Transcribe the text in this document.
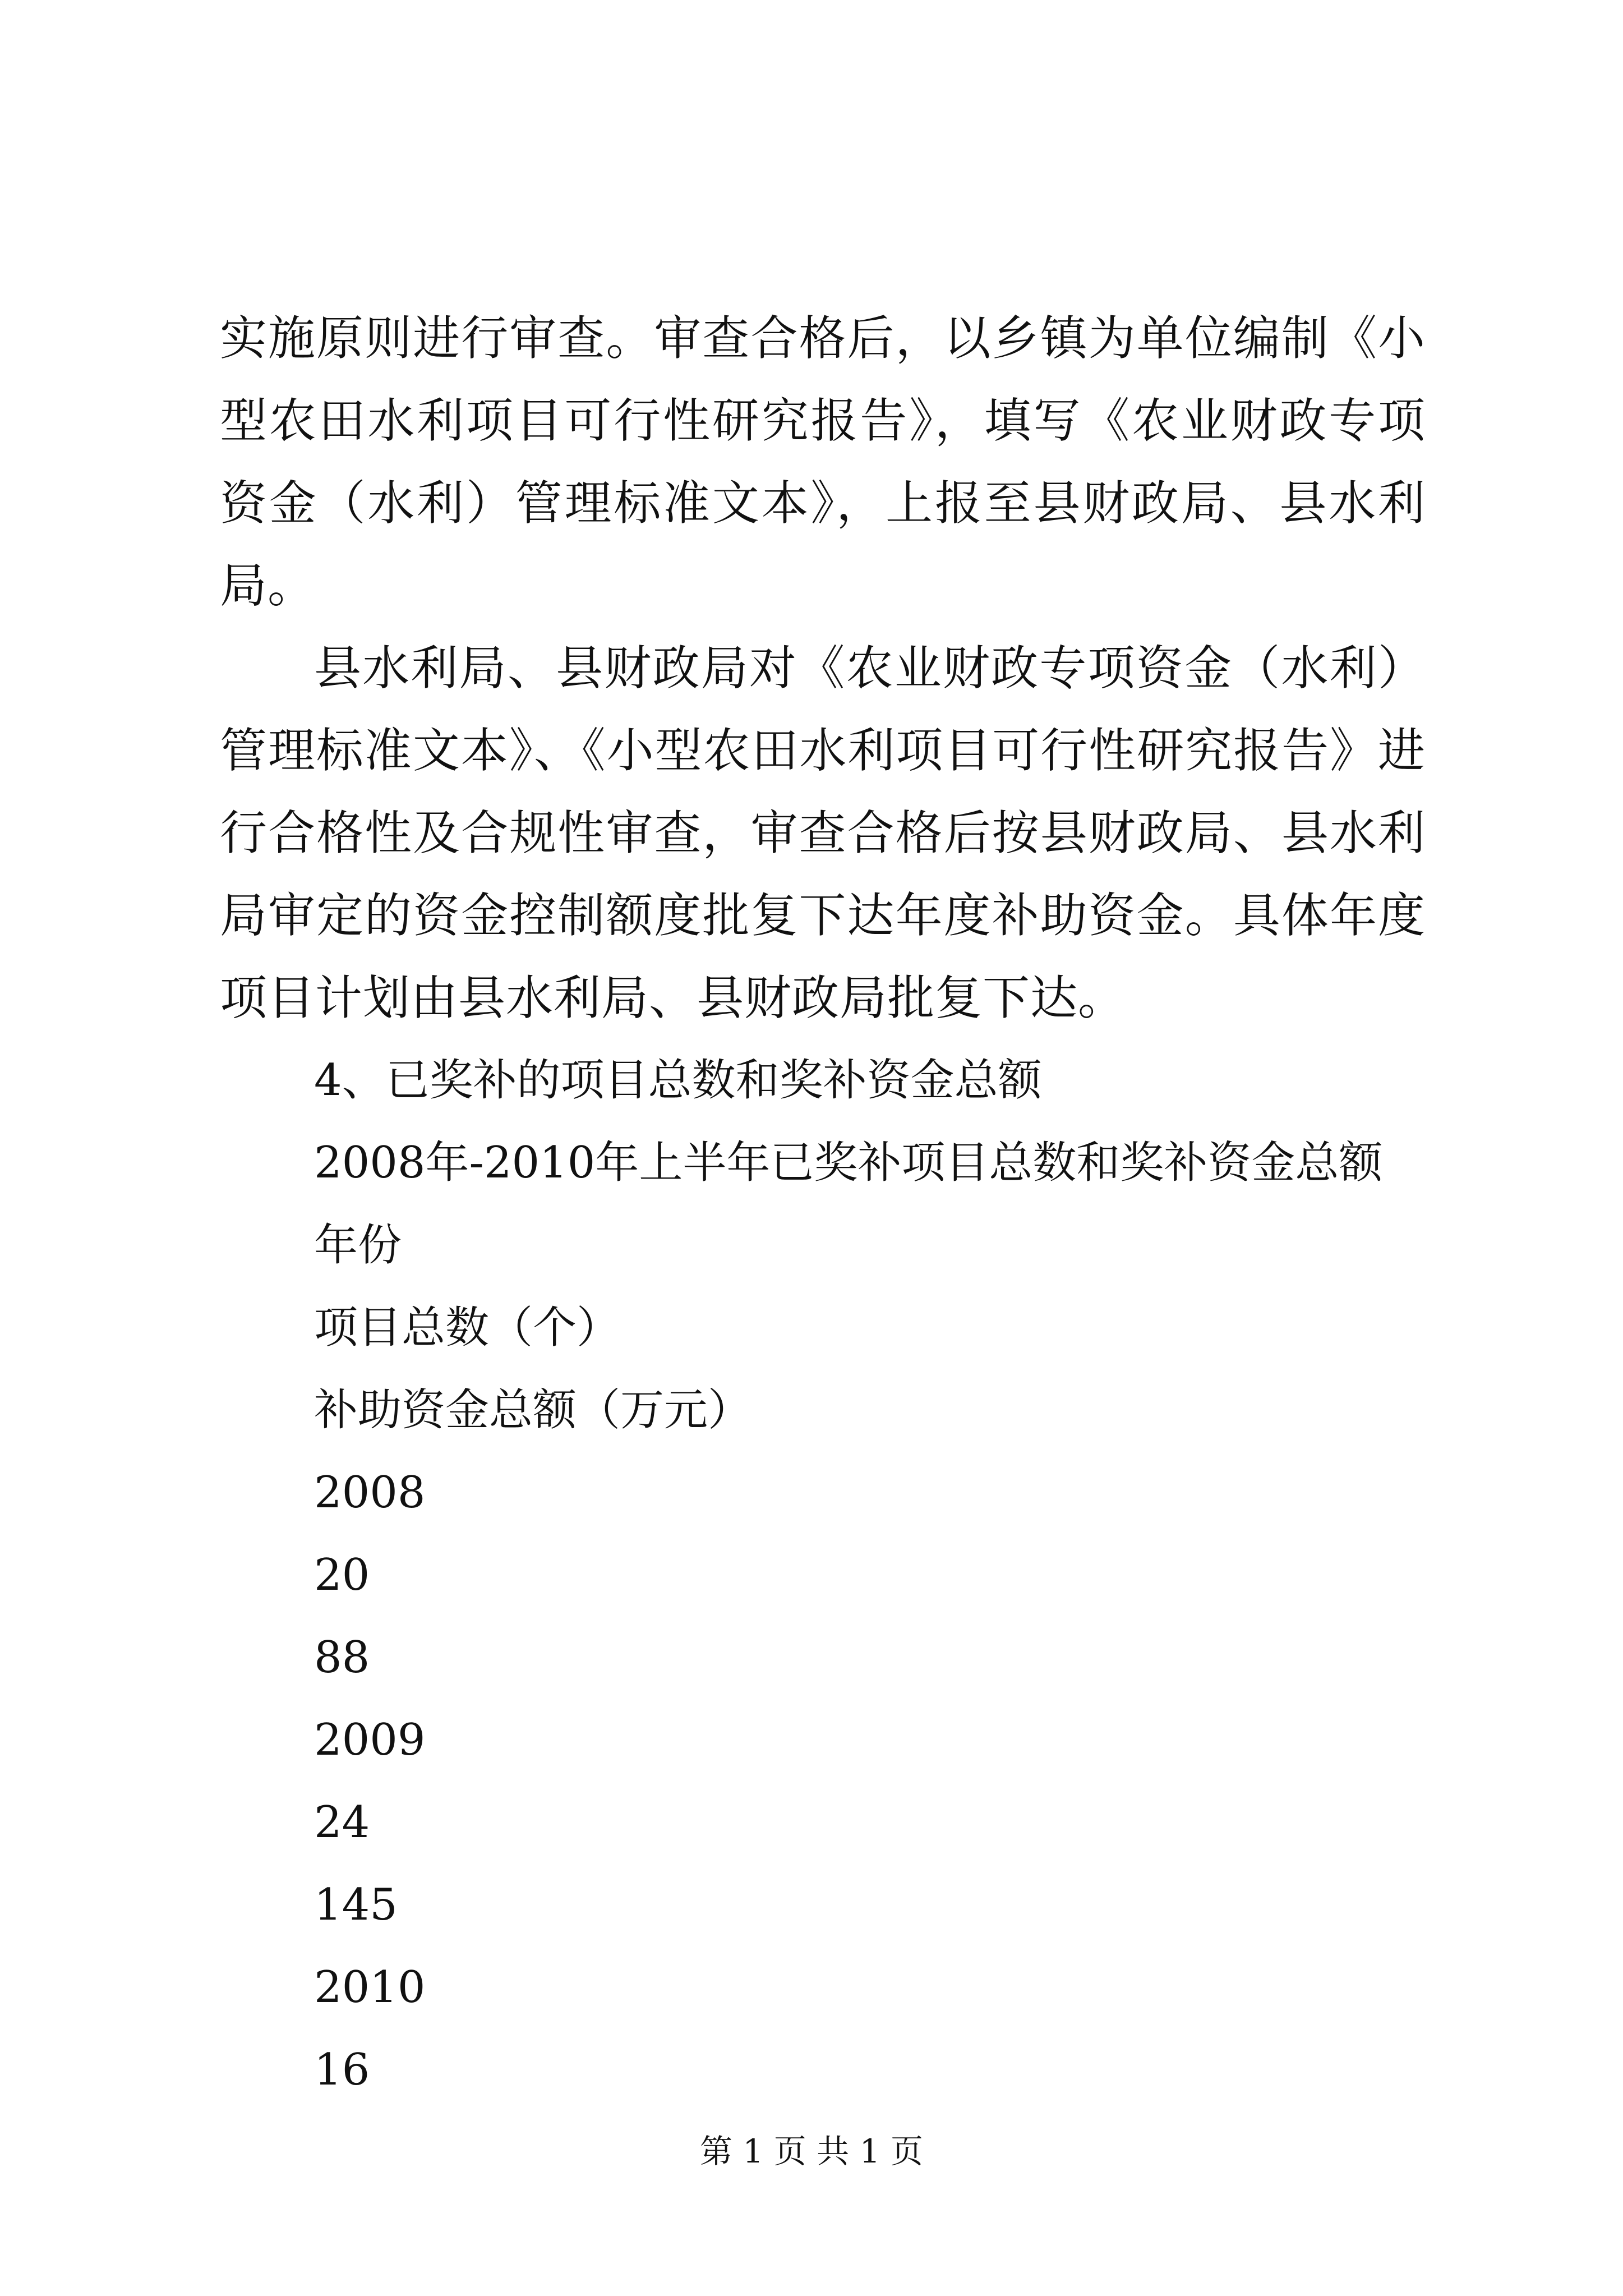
实施原则进行审查。审查合格后，以乡镇为单位编制《小型农田水利项目可行性研究报告》，填写《农业财政专项资金（水利）管理标准文本》，上报至县财政局、县水利局。

县水利局、县财政局对《农业财政专项资金（水利）管理标准文本》、《小型农田水利项目可行性研究报告》进行合格性及合规性审查，审查合格后按县财政局、县水利局审定的资金控制额度批复下达年度补助资金。具体年度项目计划由县水利局、县财政局批复下达。

4、已奖补的项目总数和奖补资金总额

2008年-2010年上半年已奖补项目总数和奖补资金总额

年份

项目总数（个）

补助资金总额（万元）

2008

20

88

2009

24

145

2010

16

第 1 页 共 1 页
